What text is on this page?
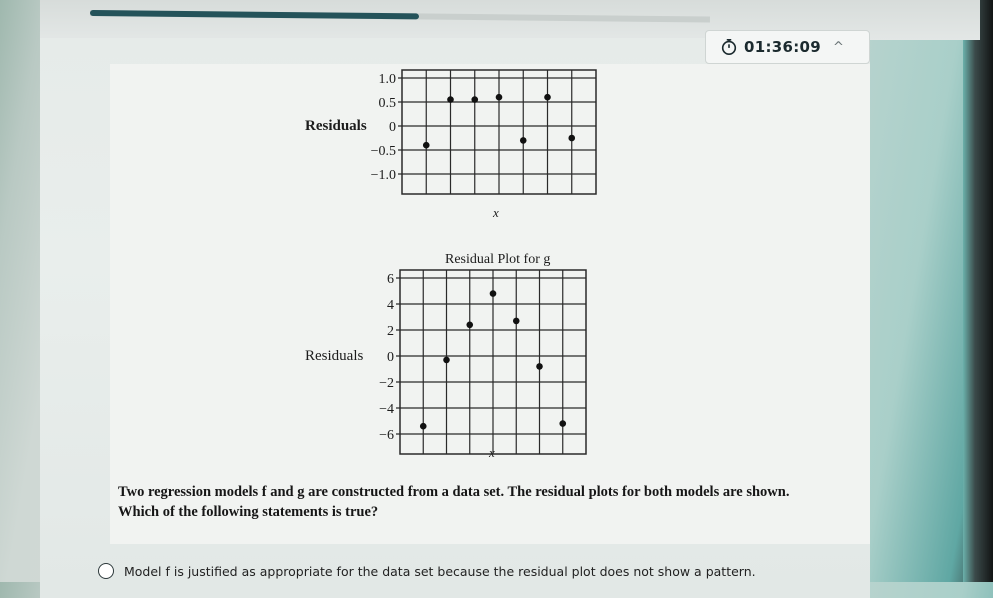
01:36:09 ^
Residuals
x
1.0
0.5
0
−0.5
−1.0
Residual Plot for g
Residuals
x
6
4
2
0
−2
−4
−6
Two regression models f and g are constructed from a data set. The residual plots for both models are shown. Which of the following statements is true?
Model f is justified as appropriate for the data set because the residual plot does not show a pattern.
